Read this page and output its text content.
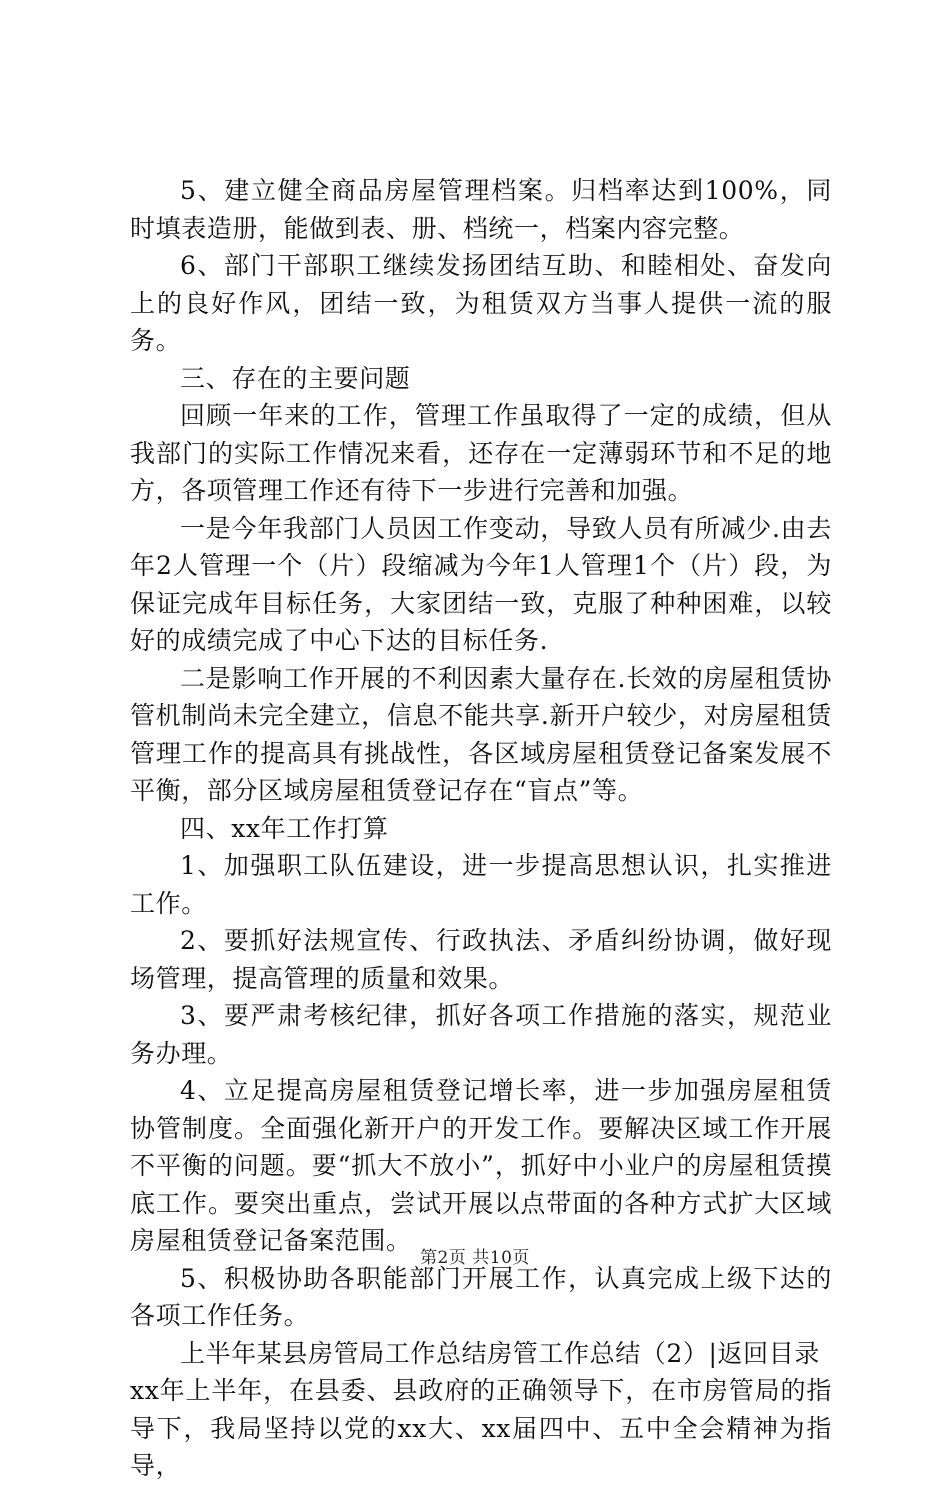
5、建立健全商品房屋管理档案。归档率达到100%，同时填表造册，能做到表、册、档统一，档案内容完整。

6、部门干部职工继续发扬团结互助、和睦相处、奋发向上的良好作风，团结一致，为租赁双方当事人提供一流的服务。

三、存在的主要问题

回顾一年来的工作，管理工作虽取得了一定的成绩，但从我部门的实际工作情况来看，还存在一定薄弱环节和不足的地方，各项管理工作还有待下一步进行完善和加强。

一是今年我部门人员因工作变动，导致人员有所减少.由去年2人管理一个（片）段缩减为今年1人管理1个（片）段，为保证完成年目标任务，大家团结一致，克服了种种困难，以较好的成绩完成了中心下达的目标任务.

二是影响工作开展的不利因素大量存在.长效的房屋租赁协管机制尚未完全建立，信息不能共享.新开户较少，对房屋租赁管理工作的提高具有挑战性，各区域房屋租赁登记备案发展不平衡，部分区域房屋租赁登记存在“盲点”等。

四、xx年工作打算

1、加强职工队伍建设，进一步提高思想认识，扎实推进工作。

2、要抓好法规宣传、行政执法、矛盾纠纷协调，做好现场管理，提高管理的质量和效果。

3、要严肃考核纪律，抓好各项工作措施的落实，规范业务办理。

4、立足提高房屋租赁登记增长率，进一步加强房屋租赁协管制度。全面强化新开户的开发工作。要解决区域工作开展不平衡的问题。要“抓大不放小”，抓好中小业户的房屋租赁摸底工作。要突出重点，尝试开展以点带面的各种方式扩大区域房屋租赁登记备案范围。

5、积极协助各职能部门开展工作，认真完成上级下达的各项工作任务。

上半年某县房管局工作总结房管工作总结（2）|返回目录

xx年上半年，在县委、县政府的正确领导下，在市房管局的指导下，我局坚持以党的xx大、xx届四中、五中全会精神为指导，

第2页 共10页
